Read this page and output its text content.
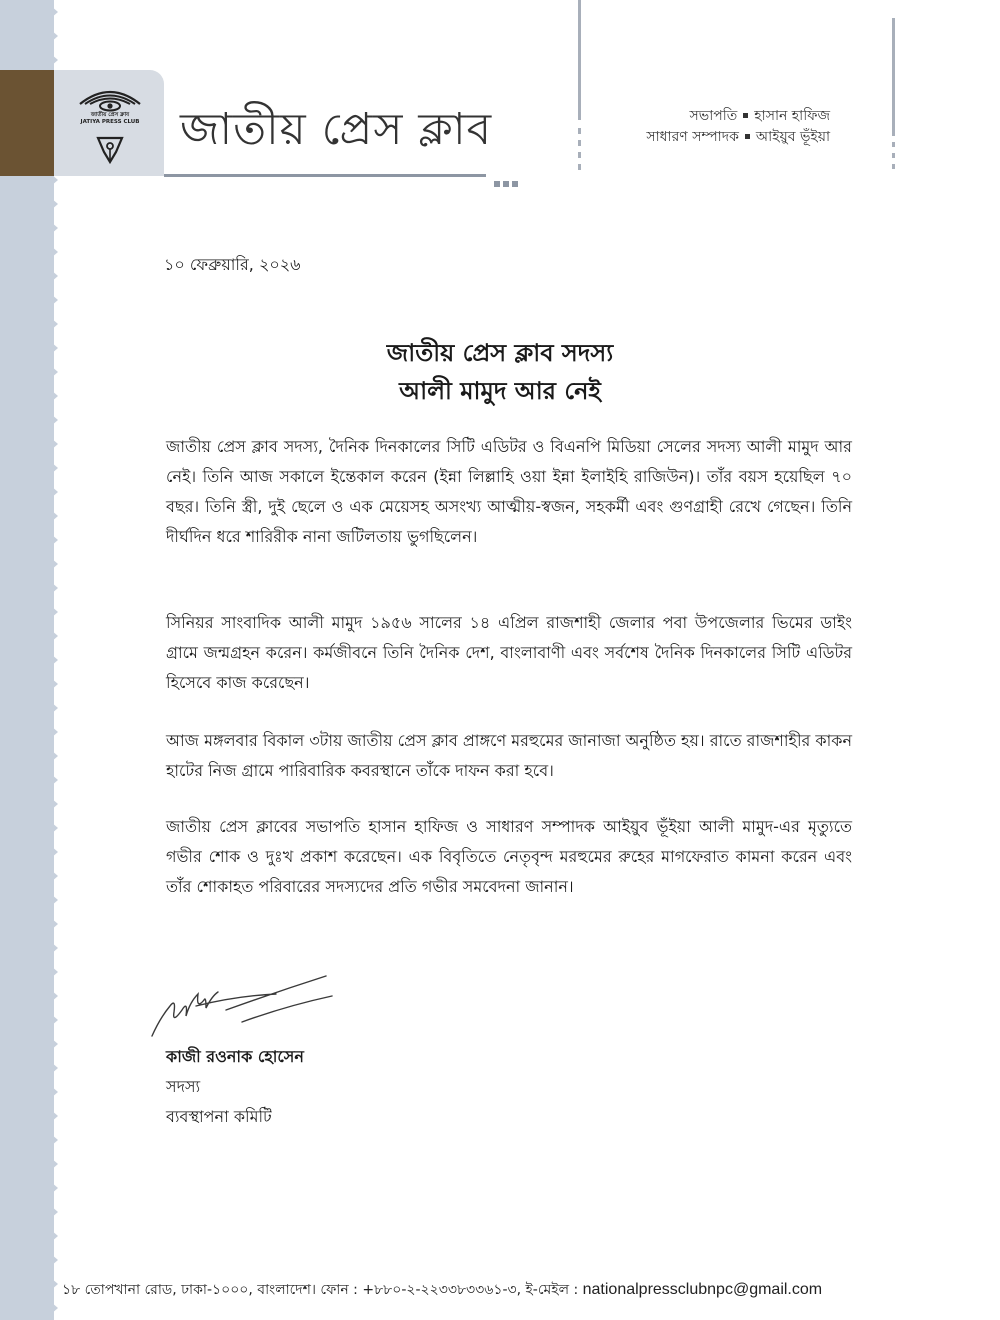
জাতীয় প্রেস ক্লাব
JATIYA PRESS CLUB জাতীয় প্রেস ক্লাব	সভাপতি হাসান হাফিজ
সাধারণ সম্পাদক আইয়ুব ভূঁইয়া
১০ ফেব্রুয়ারি, ২০২৬
জাতীয় প্রেস ক্লাব সদস্য
আলী মামুদ আর নেই
জাতীয় প্রেস ক্লাব সদস্য, দৈনিক দিনকালের সিটি এডিটর ও বিএনপি মিডিয়া সেলের সদস্য আলী মামুদ আর নেই। তিনি আজ সকালে ইন্তেকাল করেন (ইন্না লিল্লাহি ওয়া ইন্না ইলাইহি রাজিউন)। তাঁর বয়স হয়েছিল ৭০ বছর। তিনি স্ত্রী, দুই ছেলে ও এক মেয়েসহ অসংখ্য আত্মীয়-স্বজন, সহকর্মী এবং গুণগ্রাহী রেখে গেছেন। তিনি দীর্ঘদিন ধরে শারিরীক নানা জটিলতায় ভুগছিলেন।
সিনিয়র সাংবাদিক আলী মামুদ ১৯৫৬ সালের ১৪ এপ্রিল রাজশাহী জেলার পবা উপজেলার ভিমের ডাইং গ্রামে জন্মগ্রহন করেন। কর্মজীবনে তিনি দৈনিক দেশ, বাংলাবাণী এবং সর্বশেষ দৈনিক দিনকালের সিটি এডিটর হিসেবে কাজ করেছেন।
আজ মঙ্গলবার বিকাল ৩টায় জাতীয় প্রেস ক্লাব প্রাঙ্গণে মরহুমের জানাজা অনুষ্ঠিত হয়। রাতে রাজশাহীর কাকন হাটের নিজ গ্রামে পারিবারিক কবরস্থানে তাঁকে দাফন করা হবে।
জাতীয় প্রেস ক্লাবের সভাপতি হাসান হাফিজ ও সাধারণ সম্পাদক আইয়ুব ভূঁইয়া আলী মামুদ-এর মৃত্যুতে গভীর শোক ও দুঃখ প্রকাশ করেছেন। এক বিবৃতিতে নেতৃবৃন্দ মরহুমের রুহের মাগফেরাত কামনা করেন এবং তাঁর শোকাহত পরিবারের সদস্যদের প্রতি গভীর সমবেদনা জানান।
কাজী রওনাক হোসেন
সদস্য
ব্যবস্থাপনা কমিটি
১৮ তোপখানা রোড, ঢাকা-১০০০, বাংলাদেশ। ফোন : +৮৮০-২-২২৩৩৮৩৩৬১-৩, ই-মেইল : nationalpressclubnpc@gmail.com
